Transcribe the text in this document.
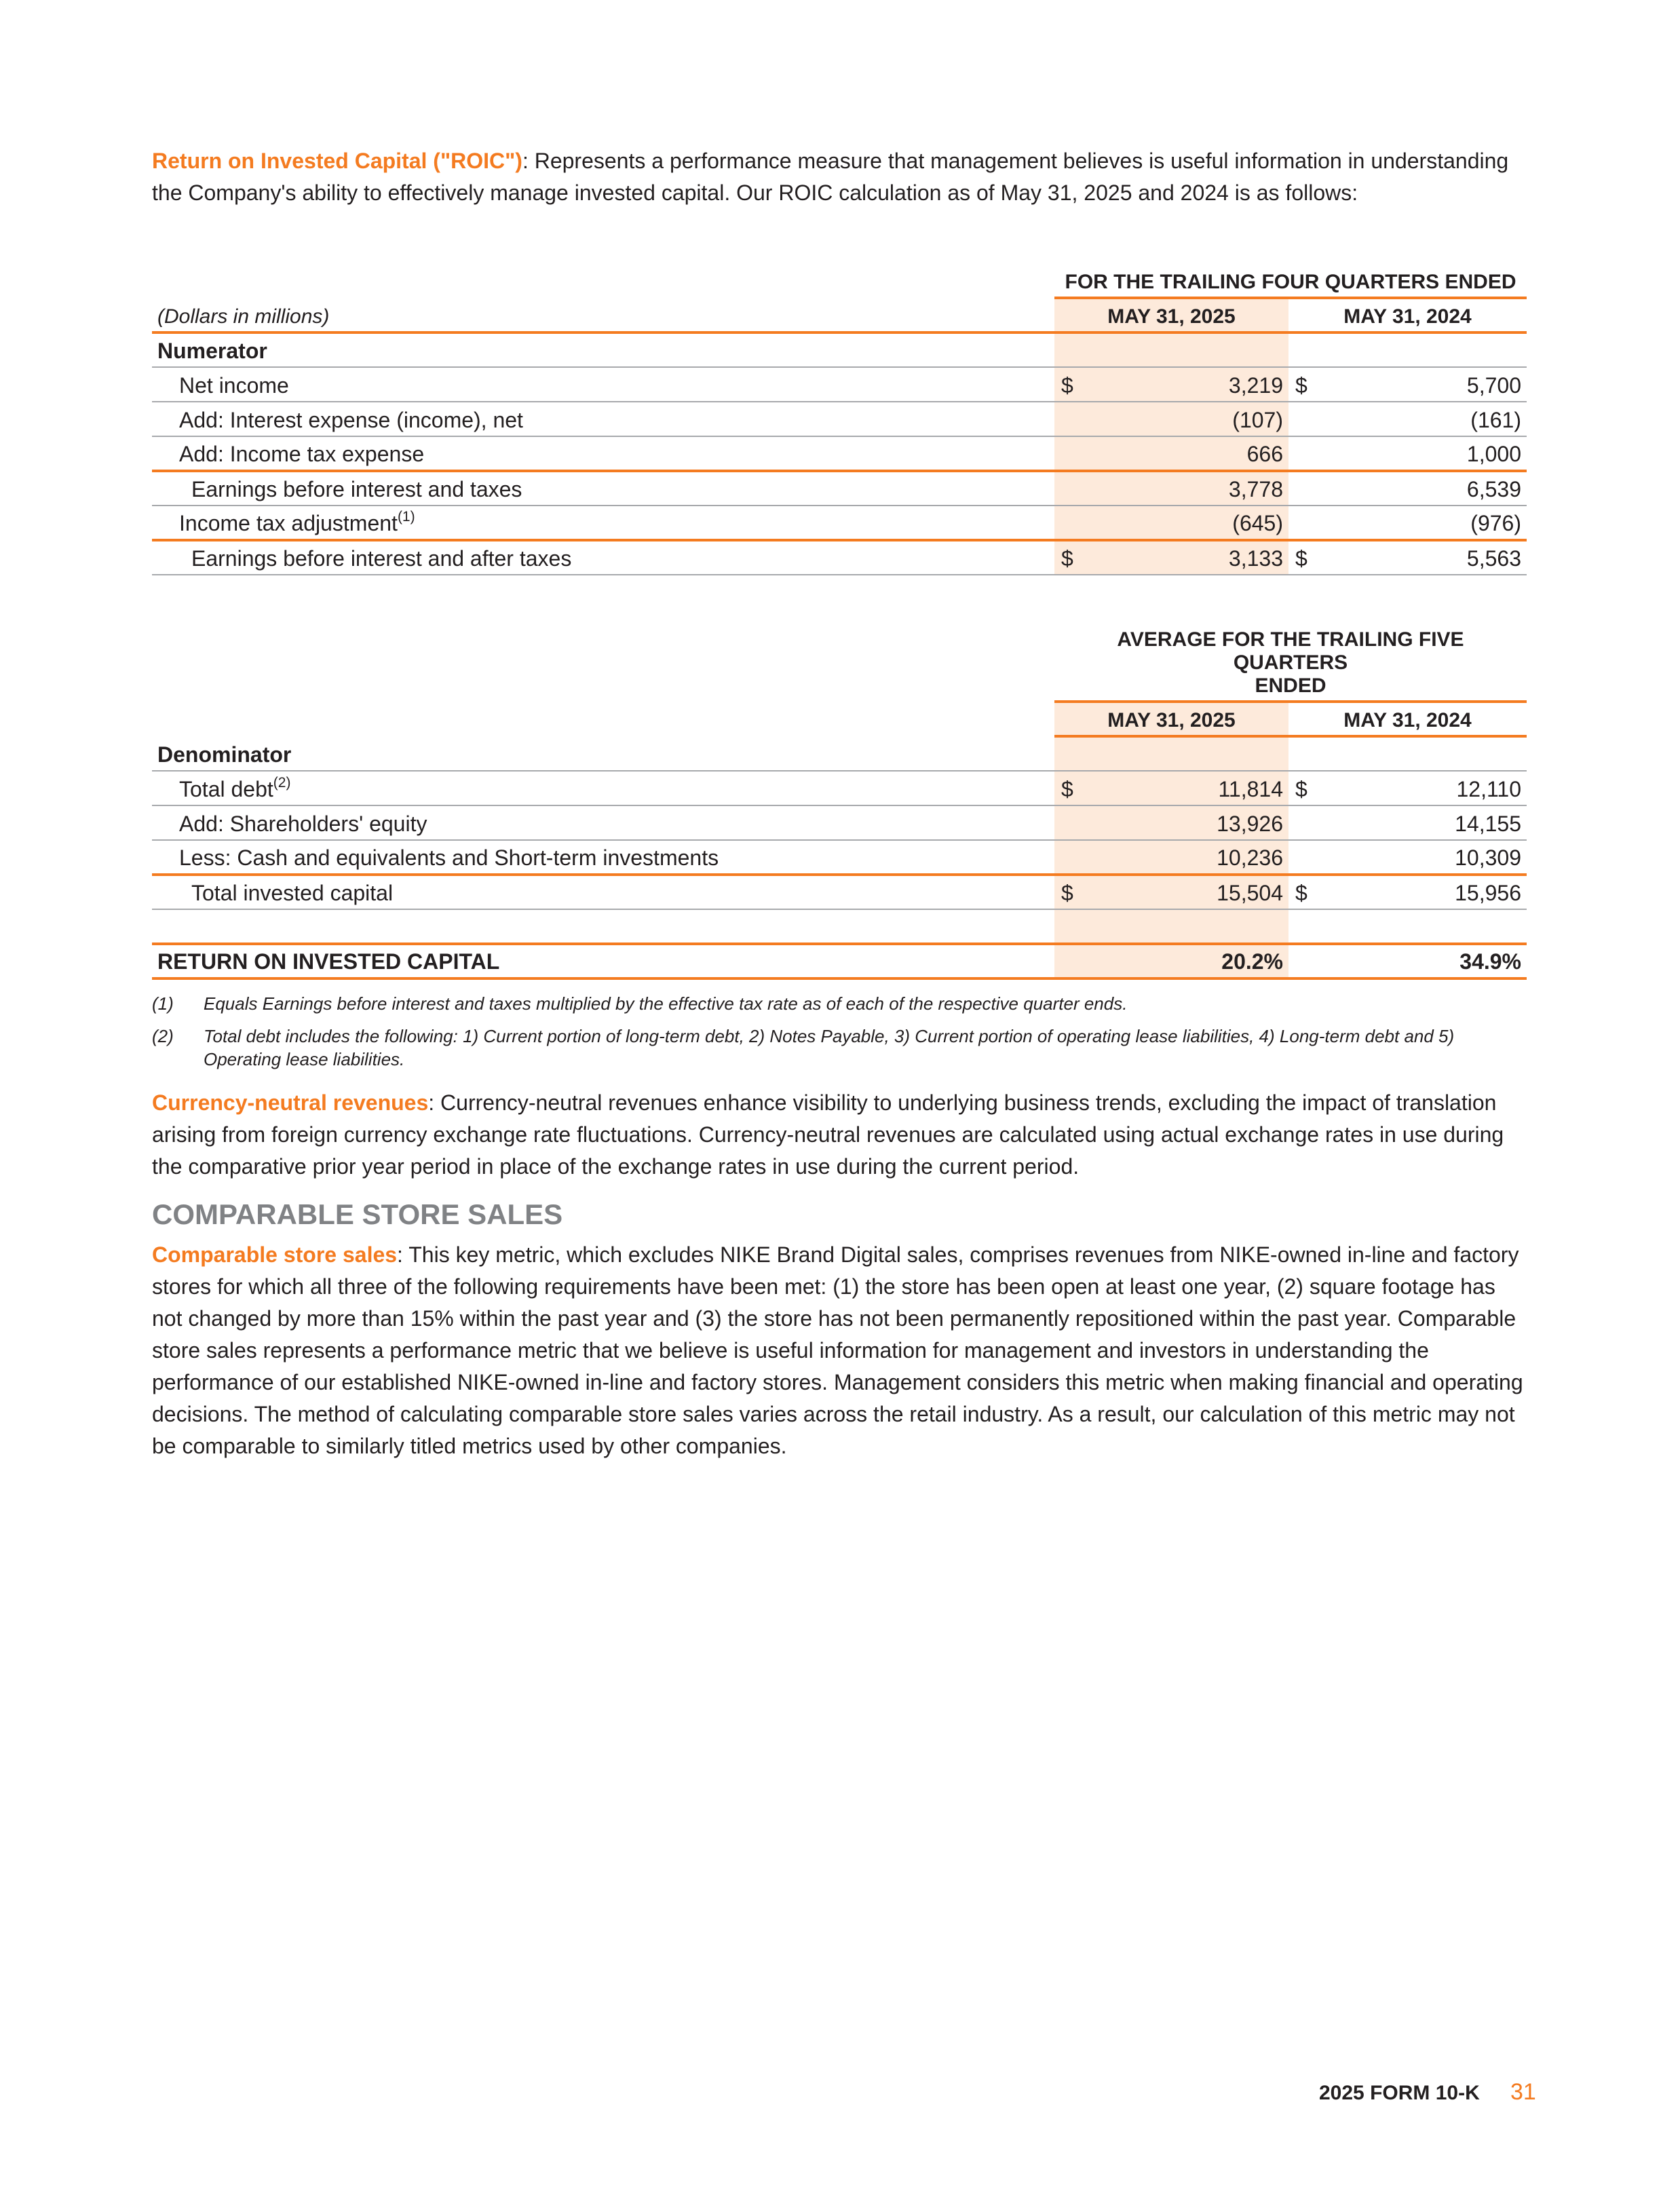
Return on Invested Capital ("ROIC"): Represents a performance measure that management believes is useful information in understanding the Company's ability to effectively manage invested capital. Our ROIC calculation as of May 31, 2025 and 2024 is as follows:

	FOR THE TRAILING FOUR QUARTERS ENDED	
(Dollars in millions)	MAY 31, 2025	MAY 31, 2024
Numerator		
Net income	$ 3,219	$ 5,700
Add: Interest expense (income), net	(107)	(161)
Add: Income tax expense	666	1,000
Earnings before interest and taxes	3,778	6,539
Income tax adjustment$^{(1)}$	(645)	(976)
Earnings before interest and after taxes	$ 3,133	$ 5,563
	AVERAGE FOR THE TRAILING FIVE QUARTERS
ENDED	
	MAY 31, 2025	MAY 31, 2024
Denominator		
Total debt$^{(2)}$	$ 11,814	$ 12,110
Add: Shareholders' equity	13,926	14,155
Less: Cash and equivalents and Short-term investments	10,236	10,309
Total invested capital	$ 15,504	$ 15,956

RETURN ON INVESTED CAPITAL	20.2%	34.9%
(1) Equals Earnings before interest and taxes multiplied by the effective tax rate as of each of the respective quarter ends.
(2) Total debt includes the following: 1) Current portion of long-term debt, 2) Notes Payable, 3) Current portion of operating lease liabilities, 4) Long-term debt and 5) Operating lease liabilities.

Currency-neutral revenues: Currency-neutral revenues enhance visibility to underlying business trends, excluding the impact of translation arising from foreign currency exchange rate fluctuations. Currency-neutral revenues are calculated using actual exchange rates in use during the comparative prior year period in place of the exchange rates in use during the current period.

COMPARABLE STORE SALES

Comparable store sales: This key metric, which excludes NIKE Brand Digital sales, comprises revenues from NIKE-owned in-line and factory stores for which all three of the following requirements have been met: (1) the store has been open at least one year, (2) square footage has not changed by more than 15% within the past year and (3) the store has not been permanently repositioned within the past year. Comparable store sales represents a performance metric that we believe is useful information for management and investors in understanding the performance of our established NIKE-owned in-line and factory stores. Management considers this metric when making financial and operating decisions. The method of calculating comparable store sales varies across the retail industry. As a result, our calculation of this metric may not be comparable to similarly titled metrics used by other companies.

2025 FORM 10-K 31
